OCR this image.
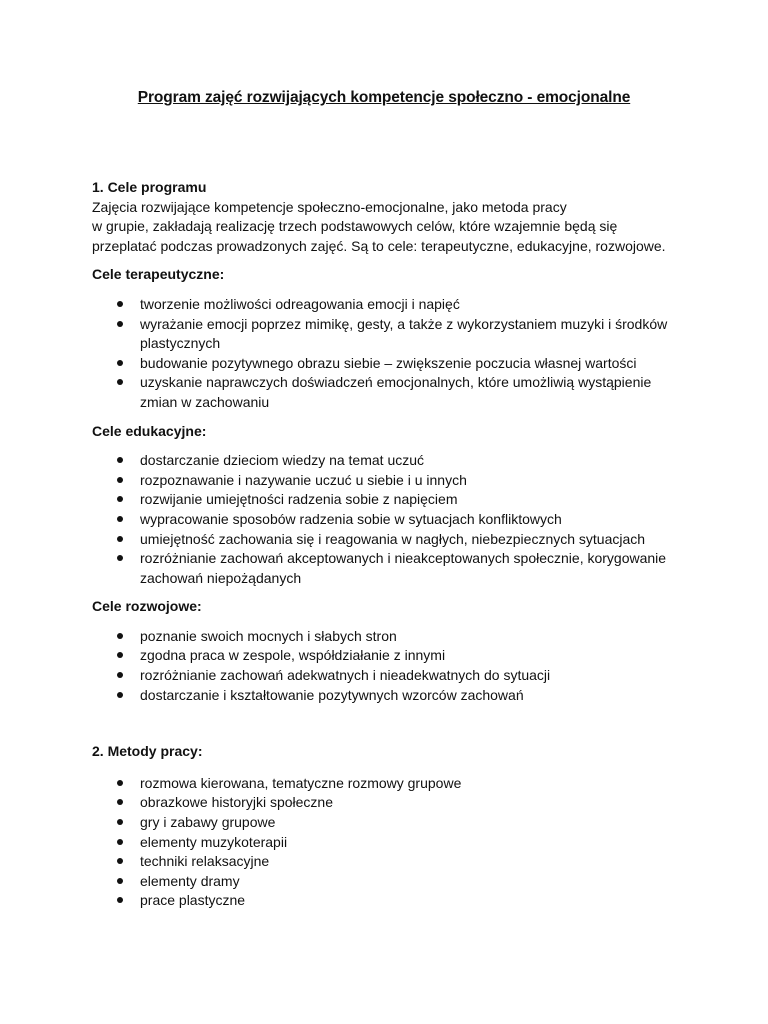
Program zajęć rozwijających kompetencje społeczno - emocjonalne

1. Cele programu

Zajęcia rozwijające kompetencje społeczno-emocjonalne, jako metoda pracy

w grupie, zakładają realizację trzech podstawowych celów, które wzajemnie będą się

przeplatać podczas prowadzonych zajęć. Są to cele: terapeutyczne, edukacyjne, rozwojowe.

Cele terapeutyczne:

tworzenie możliwości odreagowania emocji i napięć
wyrażanie emocji poprzez mimikę, gesty, a także z wykorzystaniem muzyki i środków plastycznych
budowanie pozytywnego obrazu siebie – zwiększenie poczucia własnej wartości
uzyskanie naprawczych doświadczeń emocjonalnych, które umożliwią wystąpienie zmian w zachowaniu

Cele edukacyjne:

dostarczanie dzieciom wiedzy na temat uczuć
rozpoznawanie i nazywanie uczuć u siebie i u innych
rozwijanie umiejętności radzenia sobie z napięciem
wypracowanie sposobów radzenia sobie w sytuacjach konfliktowych
umiejętność zachowania się i reagowania w nagłych, niebezpiecznych sytuacjach
rozróżnianie zachowań akceptowanych i nieakceptowanych społecznie, korygowanie zachowań niepożądanych

Cele rozwojowe:

poznanie swoich mocnych i słabych stron
zgodna praca w zespole, współdziałanie z innymi
rozróżnianie zachowań adekwatnych i nieadekwatnych do sytuacji
dostarczanie i kształtowanie pozytywnych wzorców zachowań

2. Metody pracy:

rozmowa kierowana, tematyczne rozmowy grupowe
obrazkowe historyjki społeczne
gry i zabawy grupowe
elementy muzykoterapii
techniki relaksacyjne
elementy dramy
prace plastyczne
